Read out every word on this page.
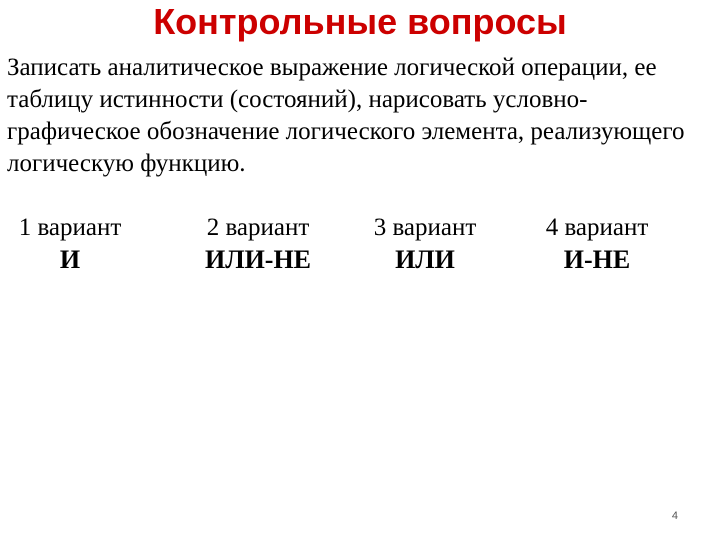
Контрольные вопросы

Записать аналитическое выражение логической операции, ее таблицу истинности (состояний), нарисовать условно-графическое обозначение логического элемента, реализующего логическую функцию.

1 вариант
И
2 вариант
ИЛИ-НЕ
3 вариант
ИЛИ
4 вариант
И-НЕ
4
